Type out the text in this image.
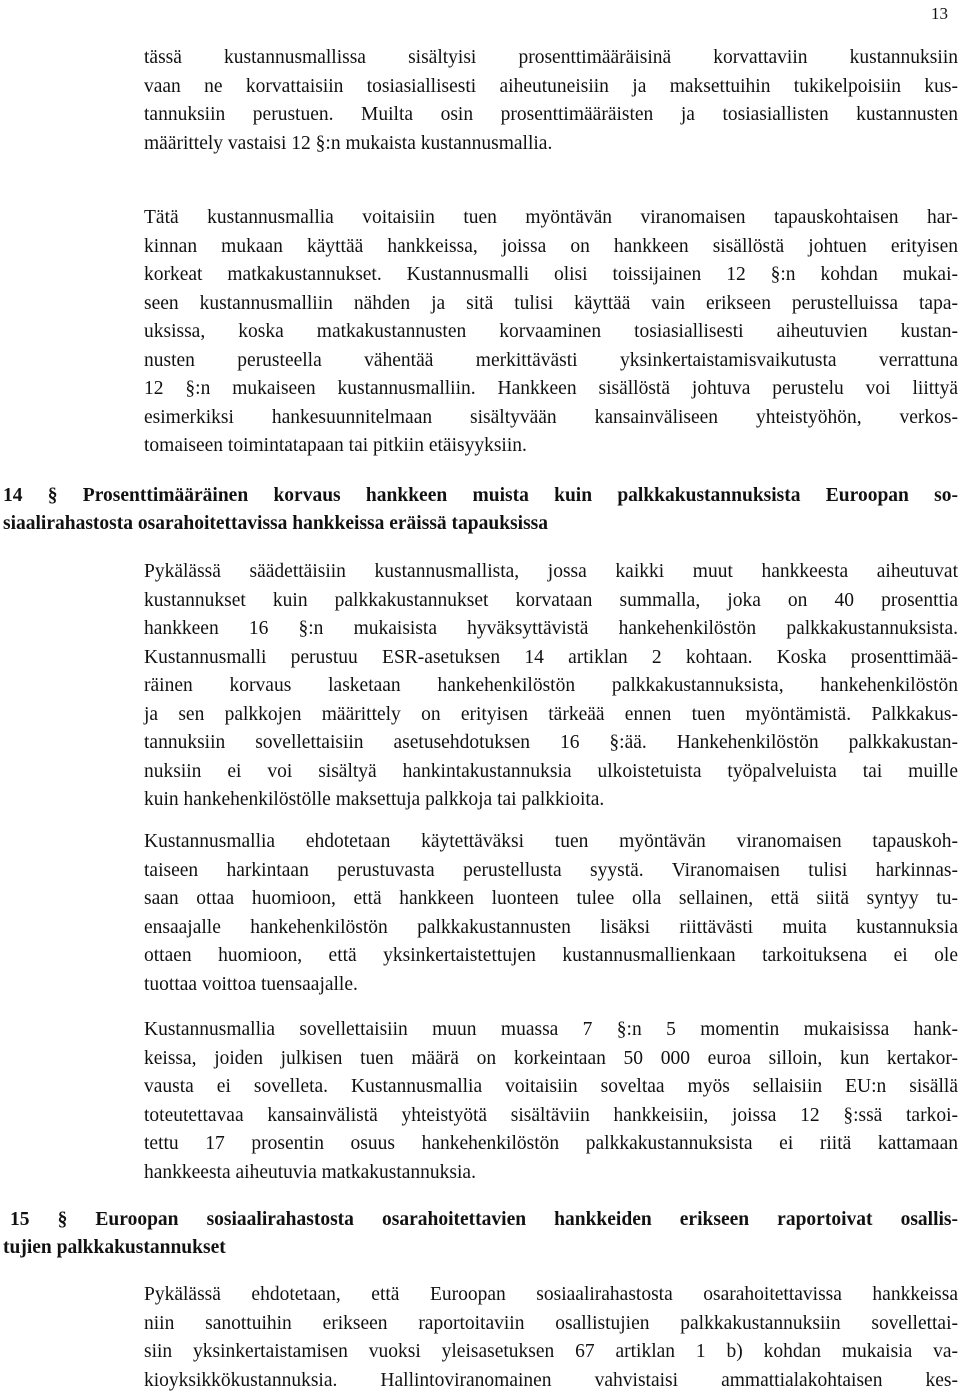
13

tässä kustannusmallissa sisältyisi prosenttimääräisinä korvattaviin kustannuksiin
vaan ne korvattaisiin tosiasiallisesti aiheutuneisiin ja maksettuihin tukikelpoisiin kus-
tannuksiin perustuen. Muilta osin prosenttimääräisten ja tosiasiallisten kustannusten
määrittely vastaisi 12 §:n mukaista kustannusmallia.

Tätä kustannusmallia voitaisiin tuen myöntävän viranomaisen tapauskohtaisen har-
kinnan mukaan käyttää hankkeissa, joissa on hankkeen sisällöstä johtuen erityisen
korkeat matkakustannukset. Kustannusmalli olisi toissijainen 12 §:n kohdan mukai-
seen kustannusmalliin nähden ja sitä tulisi käyttää vain erikseen perustelluissa tapa-
uksissa, koska matkakustannusten korvaaminen tosiasiallisesti aiheutuvien kustan-
nusten perusteella vähentää merkittävästi yksinkertaistamisvaikutusta verrattuna
12 §:n mukaiseen kustannusmalliin. Hankkeen sisällöstä johtuva perustelu voi liittyä
esimerkiksi hankesuunnitelmaan sisältyvään kansainväliseen yhteistyöhön, verkos-
tomaiseen toimintatapaan tai pitkiin etäisyyksiin.

14 § Prosenttimääräinen korvaus hankkeen muista kuin palkkakustannuksista Euroopan so-
siaalirahastosta osarahoitettavissa hankkeissa eräissä tapauksissa

Pykälässä säädettäisiin kustannusmallista, jossa kaikki muut hankkeesta aiheutuvat
kustannukset kuin palkkakustannukset korvataan summalla, joka on 40 prosenttia
hankkeen 16 §:n mukaisista hyväksyttävistä hankehenkilöstön palkkakustannuksista.
Kustannusmalli perustuu ESR-asetuksen 14 artiklan 2 kohtaan. Koska prosenttimää-
räinen korvaus lasketaan hankehenkilöstön palkkakustannuksista, hankehenkilöstön
ja sen palkkojen määrittely on erityisen tärkeää ennen tuen myöntämistä. Palkkakus-
tannuksiin sovellettaisiin asetusehdotuksen 16 §:ää. Hankehenkilöstön palkkakustan-
nuksiin ei voi sisältyä hankintakustannuksia ulkoistetuista työpalveluista tai muille
kuin hankehenkilöstölle maksettuja palkkoja tai palkkioita.

Kustannusmallia ehdotetaan käytettäväksi tuen myöntävän viranomaisen tapauskoh-
taiseen harkintaan perustuvasta perustellusta syystä. Viranomaisen tulisi harkinnas-
saan ottaa huomioon, että hankkeen luonteen tulee olla sellainen, että siitä syntyy tu-
ensaajalle hankehenkilöstön palkkakustannusten lisäksi riittävästi muita kustannuksia
ottaen huomioon, että yksinkertaistettujen kustannusmallienkaan tarkoituksena ei ole
tuottaa voittoa tuensaajalle.

Kustannusmallia sovellettaisiin muun muassa 7 §:n 5 momentin mukaisissa hank-
keissa, joiden julkisen tuen määrä on korkeintaan 50 000 euroa silloin, kun kertakor-
vausta ei sovelleta. Kustannusmallia voitaisiin soveltaa myös sellaisiin EU:n sisällä
toteutettavaa kansainvälistä yhteistyötä sisältäviin hankkeisiin, joissa 12 §:ssä tarkoi-
tettu 17 prosentin osuus hankehenkilöstön palkkakustannuksista ei riitä kattamaan
hankkeesta aiheutuvia matkakustannuksia.

15 § Euroopan sosiaalirahastosta osarahoitettavien hankkeiden erikseen raportoivat osallis-
tujien palkkakustannukset

Pykälässä ehdotetaan, että Euroopan sosiaalirahastosta osarahoitettavissa hankkeissa
niin sanottuihin erikseen raportoitaviin osallistujien palkkakustannuksiin sovellettai-
siin yksinkertaistamisen vuoksi yleisasetuksen 67 artiklan 1 b) kohdan mukaisia va-
kioyksikkökustannuksia. Hallintoviranomainen vahvistaisi ammattialakohtaisen kes-
